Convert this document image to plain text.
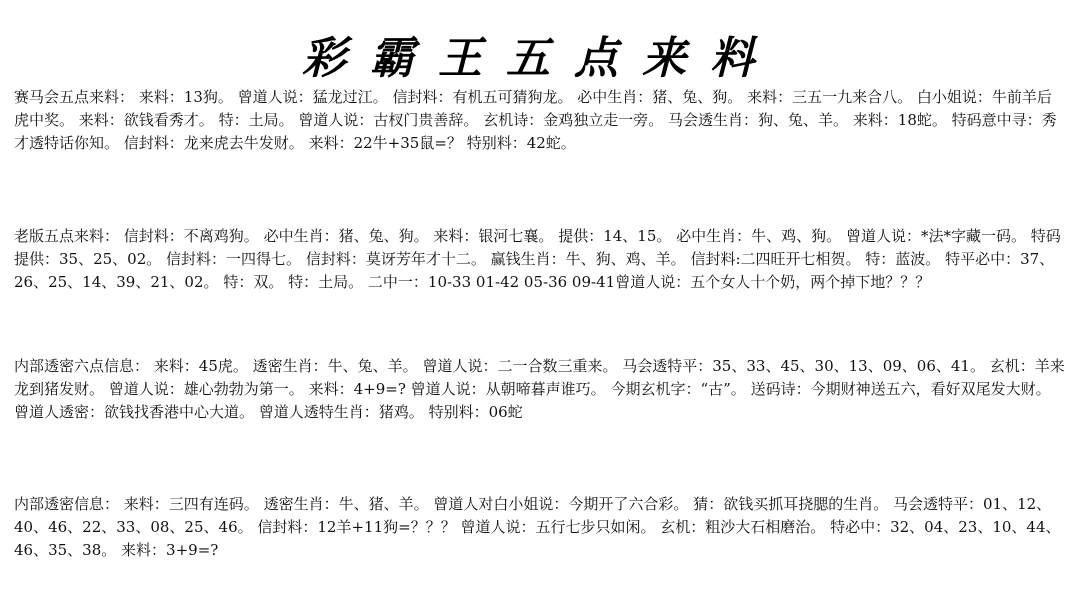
彩霸王五点来料
赛马会五点来料： 来料：13狗。 曾道人说：猛龙过江。 信封料：有机五可猜狗龙。 必中生肖：猪、兔、狗。 来料：三五一九来合八。 白小姐说：牛前羊后虎中奖。 来料：欲钱看秀才。 特：土局。 曾道人说：古杈门贵善辞。 玄机诗：金鸡独立走一旁。 马会透生肖：狗、兔、羊。 来料：18蛇。 特码意中寻：秀才透特话你知。 信封料：龙来虎去牛发财。 来料：22牛+35鼠=？ 特别料：42蛇。
老版五点来料： 信封料：不离鸡狗。 必中生肖：猪、兔、狗。 来料：银河七襄。 提供：14、15。 必中生肖：牛、鸡、狗。 曾道人说：*法*字藏一码。 特码提供：35、25、02。 信封料：一四得七。 信封料：莫讶芳年才十二。 赢钱生肖：牛、狗、鸡、羊。 信封料:二四旺开七相贺。 特：蓝波。 特平必中：37、26、25、14、39、21、02。 特：双。 特：土局。 二中一：10-33 01-42 05-36 09-41曾道人说：五个女人十个奶，两个掉下地？？？
内部透密六点信息： 来料：45虎。 透密生肖：牛、兔、羊。 曾道人说：二一合数三重来。 马会透特平：35、33、45、30、13、09、06、41。 玄机：羊来龙到猪发财。 曾道人说：雄心勃勃为第一。 来料：4+9=? 曾道人说：从朝啼暮声谁巧。 今期玄机字：“古”。 送码诗：今期财神送五六，看好双尾发大财。 曾道人透密：欲钱找香港中心大道。 曾道人透特生肖：猪鸡。 特别料：06蛇
内部透密信息： 来料：三四有连码。 透密生肖：牛、猪、羊。 曾道人对白小姐说：今期开了六合彩。 猜：欲钱买抓耳挠腮的生肖。 马会透特平：01、12、40、46、22、33、08、25、46。 信封料：12羊+11狗=？？？ 曾道人说：五行七步只如闲。 玄机：粗沙大石相磨治。 特必中：32、04、23、10、44、46、35、38。 来料：3+9=?
